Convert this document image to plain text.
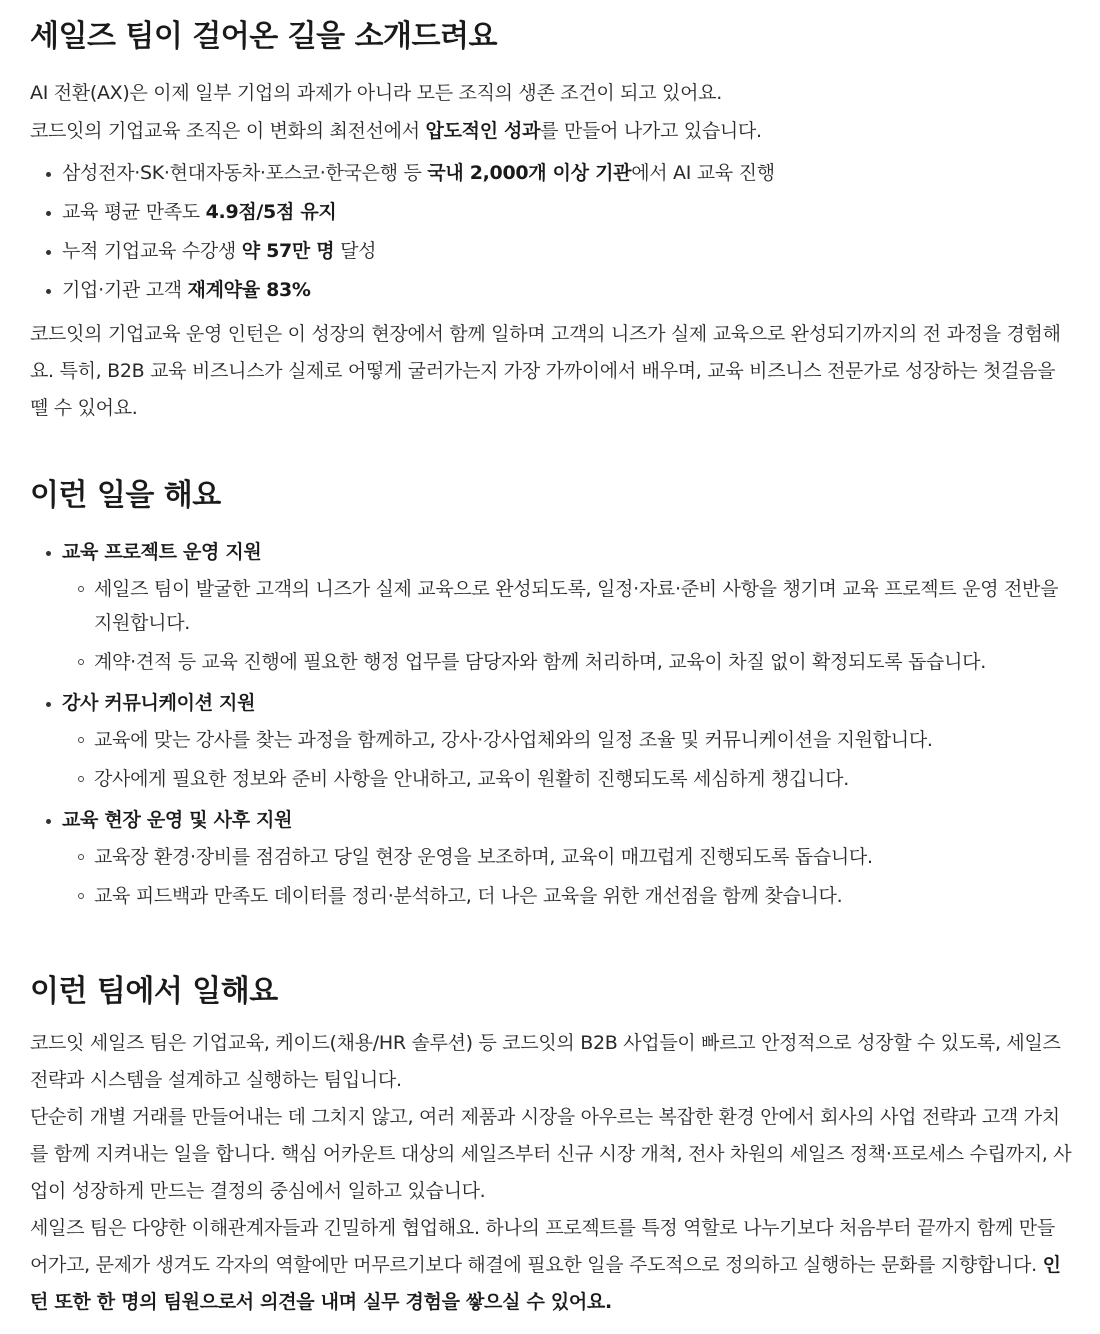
세일즈 팀이 걸어온 길을 소개드려요

AI 전환(AX)은 이제 일부 기업의 과제가 아니라 모든 조직의 생존 조건이 되고 있어요.

코드잇의 기업교육 조직은 이 변화의 최전선에서 압도적인 성과를 만들어 나가고 있습니다.

삼성전자·SK·현대자동차·포스코·한국은행 등 국내 2,000개 이상 기관에서 AI 교육 진행
교육 평균 만족도 4.9점/5점 유지
누적 기업교육 수강생 약 57만 명 달성
기업·기관 고객 재계약율 83%

코드잇의 기업교육 운영 인턴은 이 성장의 현장에서 함께 일하며 고객의 니즈가 실제 교육으로 완성되기까지의 전 과정을 경험해요. 특히, B2B 교육 비즈니스가 실제로 어떻게 굴러가는지 가장 가까이에서 배우며, 교육 비즈니스 전문가로 성장하는 첫걸음을 뗄 수 있어요.

이런 일을 해요
교육 프로젝트 운영 지원
세일즈 팀이 발굴한 고객의 니즈가 실제 교육으로 완성되도록, 일정·자료·준비 사항을 챙기며 교육 프로젝트 운영 전반을 지원합니다.
계약·견적 등 교육 진행에 필요한 행정 업무를 담당자와 함께 처리하며, 교육이 차질 없이 확정되도록 돕습니다.
강사 커뮤니케이션 지원
교육에 맞는 강사를 찾는 과정을 함께하고, 강사·강사업체와의 일정 조율 및 커뮤니케이션을 지원합니다.
강사에게 필요한 정보와 준비 사항을 안내하고, 교육이 원활히 진행되도록 세심하게 챙깁니다.
교육 현장 운영 및 사후 지원
교육장 환경·장비를 점검하고 당일 현장 운영을 보조하며, 교육이 매끄럽게 진행되도록 돕습니다.
교육 피드백과 만족도 데이터를 정리·분석하고, 더 나은 교육을 위한 개선점을 함께 찾습니다.
이런 팀에서 일해요

코드잇 세일즈 팀은 기업교육, 케이드(채용/HR 솔루션) 등 코드잇의 B2B 사업들이 빠르고 안정적으로 성장할 수 있도록, 세일즈 전략과 시스템을 설계하고 실행하는 팀입니다.

단순히 개별 거래를 만들어내는 데 그치지 않고, 여러 제품과 시장을 아우르는 복잡한 환경 안에서 회사의 사업 전략과 고객 가치를 함께 지켜내는 일을 합니다. 핵심 어카운트 대상의 세일즈부터 신규 시장 개척, 전사 차원의 세일즈 정책·프로세스 수립까지, 사업이 성장하게 만드는 결정의 중심에서 일하고 있습니다.

세일즈 팀은 다양한 이해관계자들과 긴밀하게 협업해요. 하나의 프로젝트를 특정 역할로 나누기보다 처음부터 끝까지 함께 만들어가고, 문제가 생겨도 각자의 역할에만 머무르기보다 해결에 필요한 일을 주도적으로 정의하고 실행하는 문화를 지향합니다. 인턴 또한 한 명의 팀원으로서 의견을 내며 실무 경험을 쌓으실 수 있어요.
